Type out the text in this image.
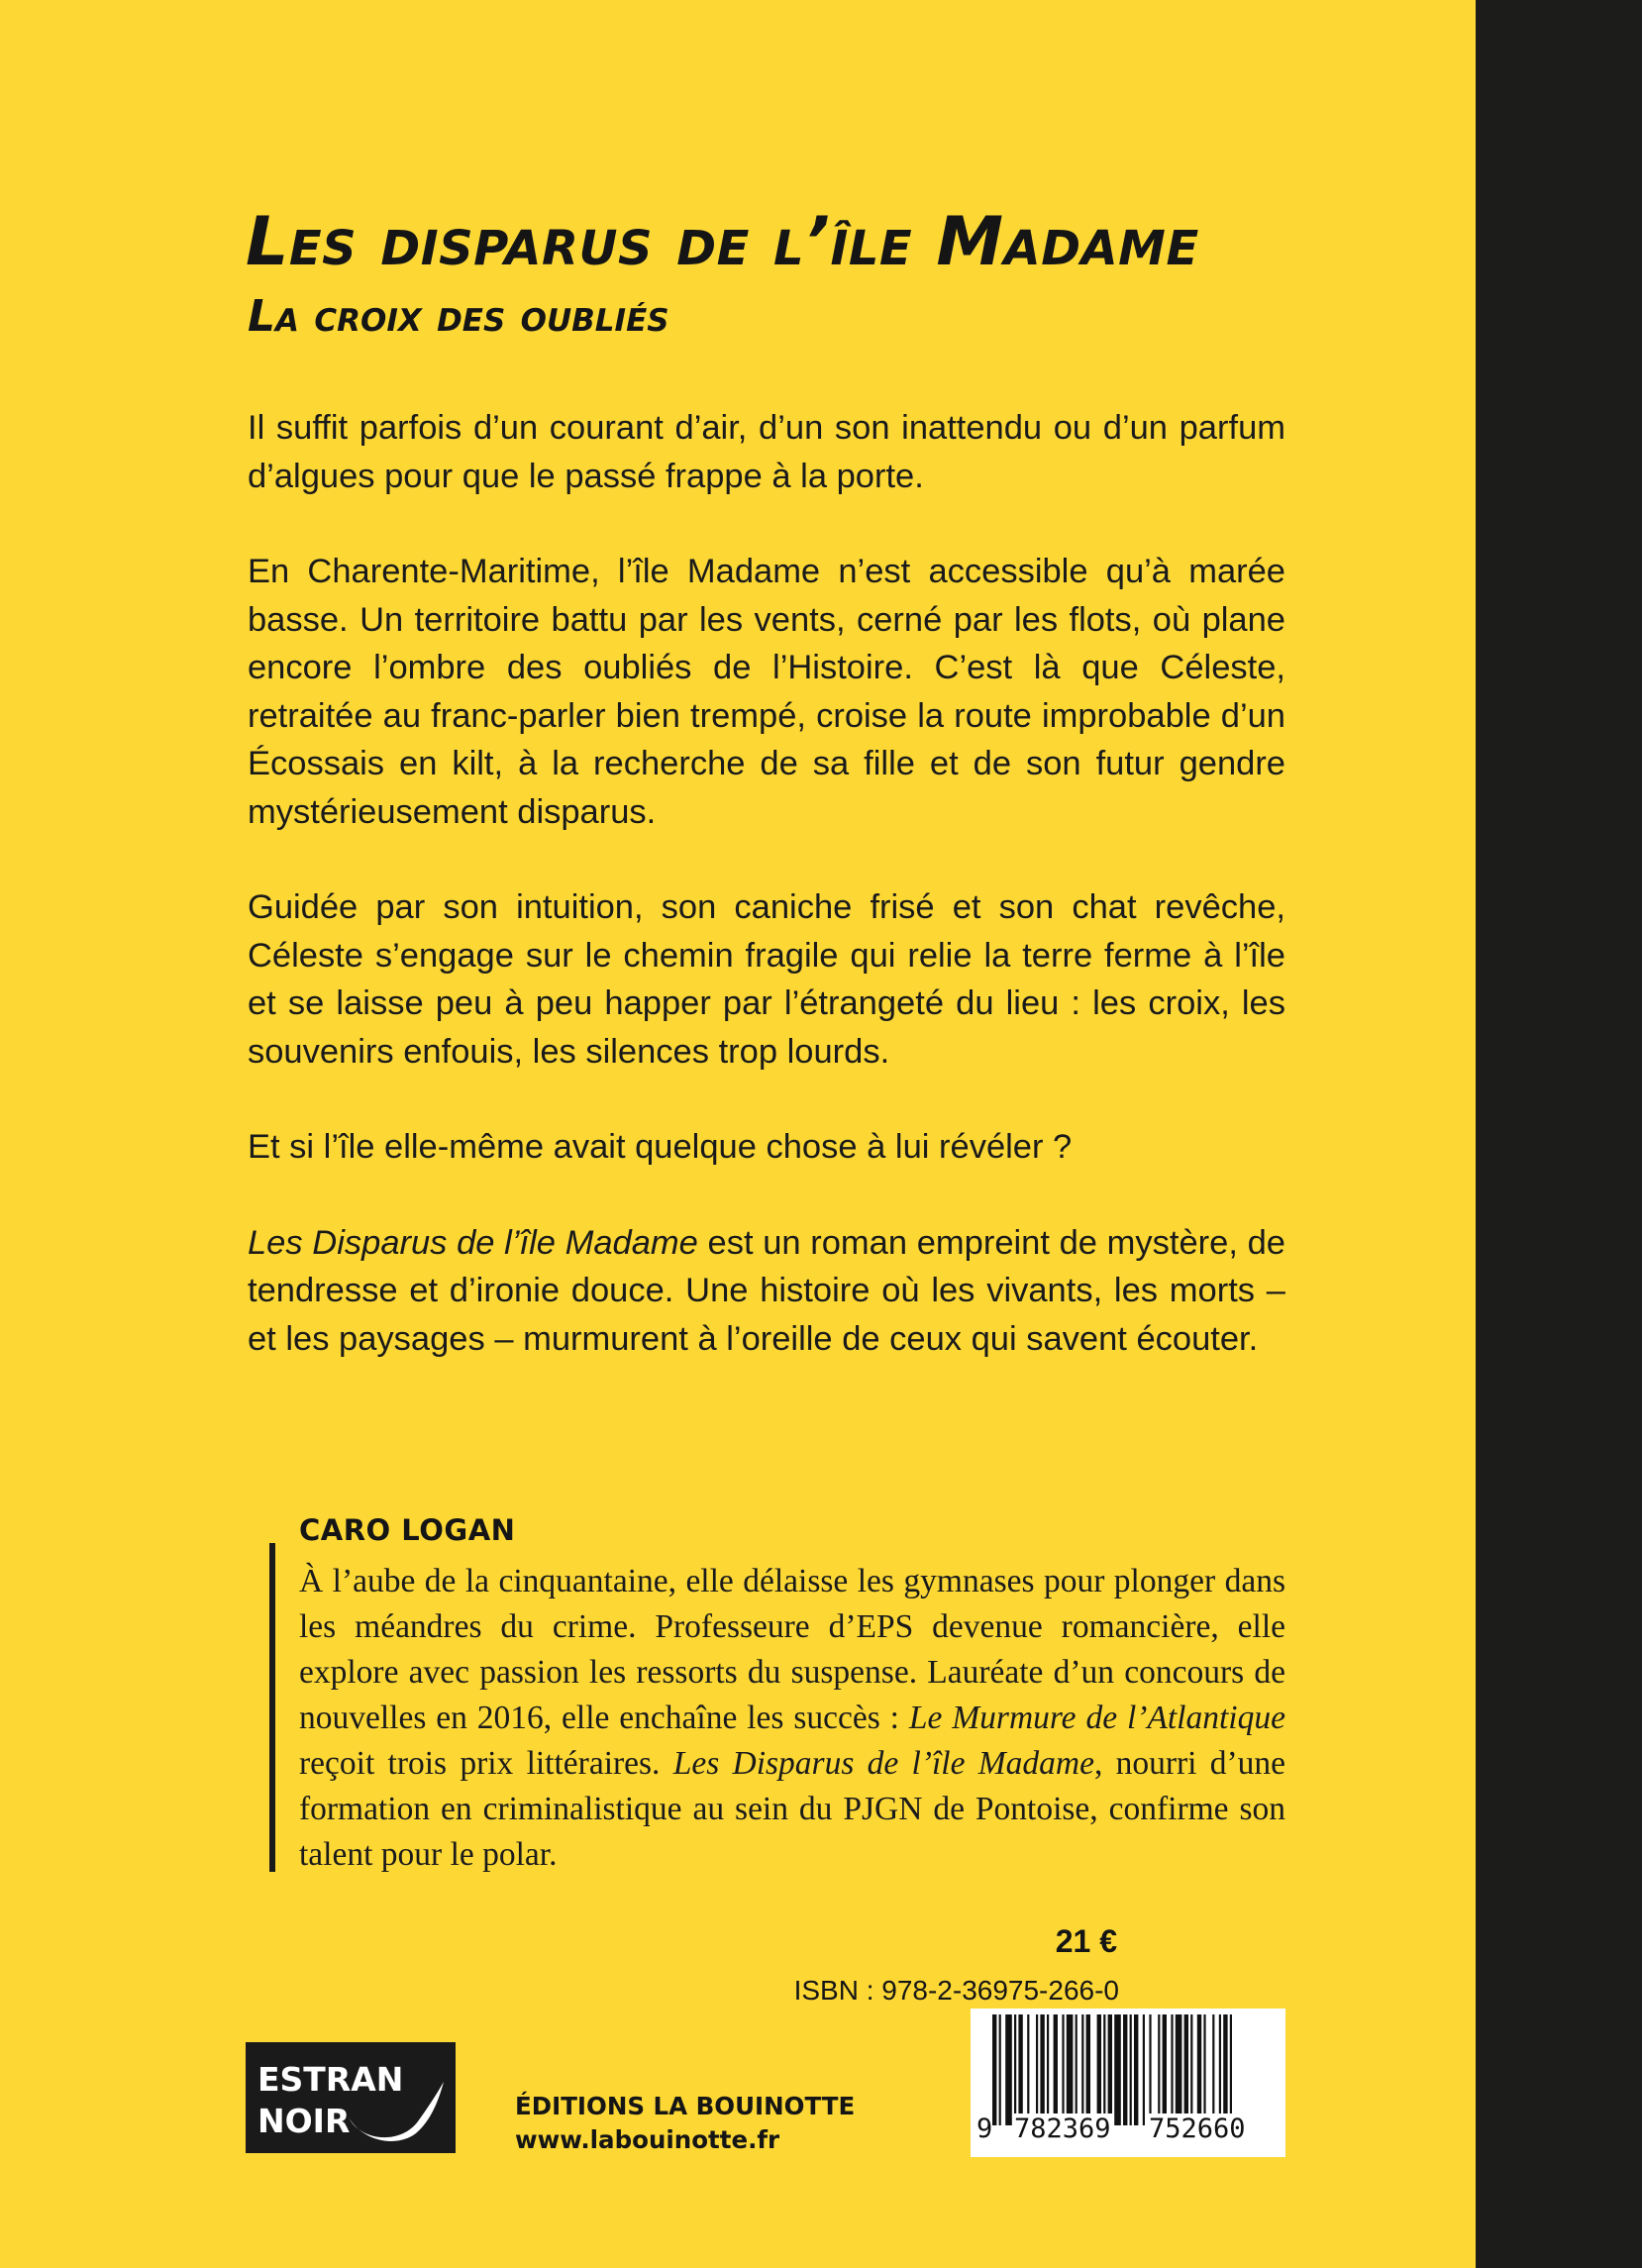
Les disparus de l’île Madame
La croix des oubliés

Il suffit parfois d’un courant d’air, d’un son inattendu ou d’un parfum d’algues pour que le passé frappe à la porte.

En Charente-Maritime, l’île Madame n’est accessible qu’à marée basse. Un territoire battu par les vents, cerné par les flots, où plane encore l’ombre des oubliés de l’Histoire. C’est là que Céleste, retraitée au franc-parler bien trempé, croise la route improbable d’un Écossais en kilt, à la recherche de sa fille et de son futur gendre mystérieusement disparus.

Guidée par son intuition, son caniche frisé et son chat revêche, Céleste s’engage sur le chemin fragile qui relie la terre ferme à l’île et se laisse peu à peu happer par l’étrangeté du lieu : les croix, les souvenirs enfouis, les silences trop lourds.

Et si l’île elle-même avait quelque chose à lui révéler ?

Les Disparus de l’île Madame est un roman empreint de mystère, de tendresse et d’ironie douce. Une histoire où les vivants, les morts – et les paysages – murmurent à l’oreille de ceux qui savent écouter.

CARO LOGAN

À l’aube de la cinquantaine, elle délaisse les gymnases pour plonger dans les méandres du crime. Professeure d’EPS devenue romancière, elle explore avec passion les ressorts du suspense. Lauréate d’un concours de nouvelles en 2016, elle enchaîne les succès : Le Murmure de l’Atlantique reçoit trois prix littéraires. Les Disparus de l’île Madame, nourri d’une formation en criminalistique au sein du PJGN de Pontoise, confirme son talent pour le polar.

21 €
ISBN : 978-2-36975-266-0
9 782369 752660
ESTRAN
NOIR	ÉDITIONS LA BOUINOTTE
www.labouinotte.fr
